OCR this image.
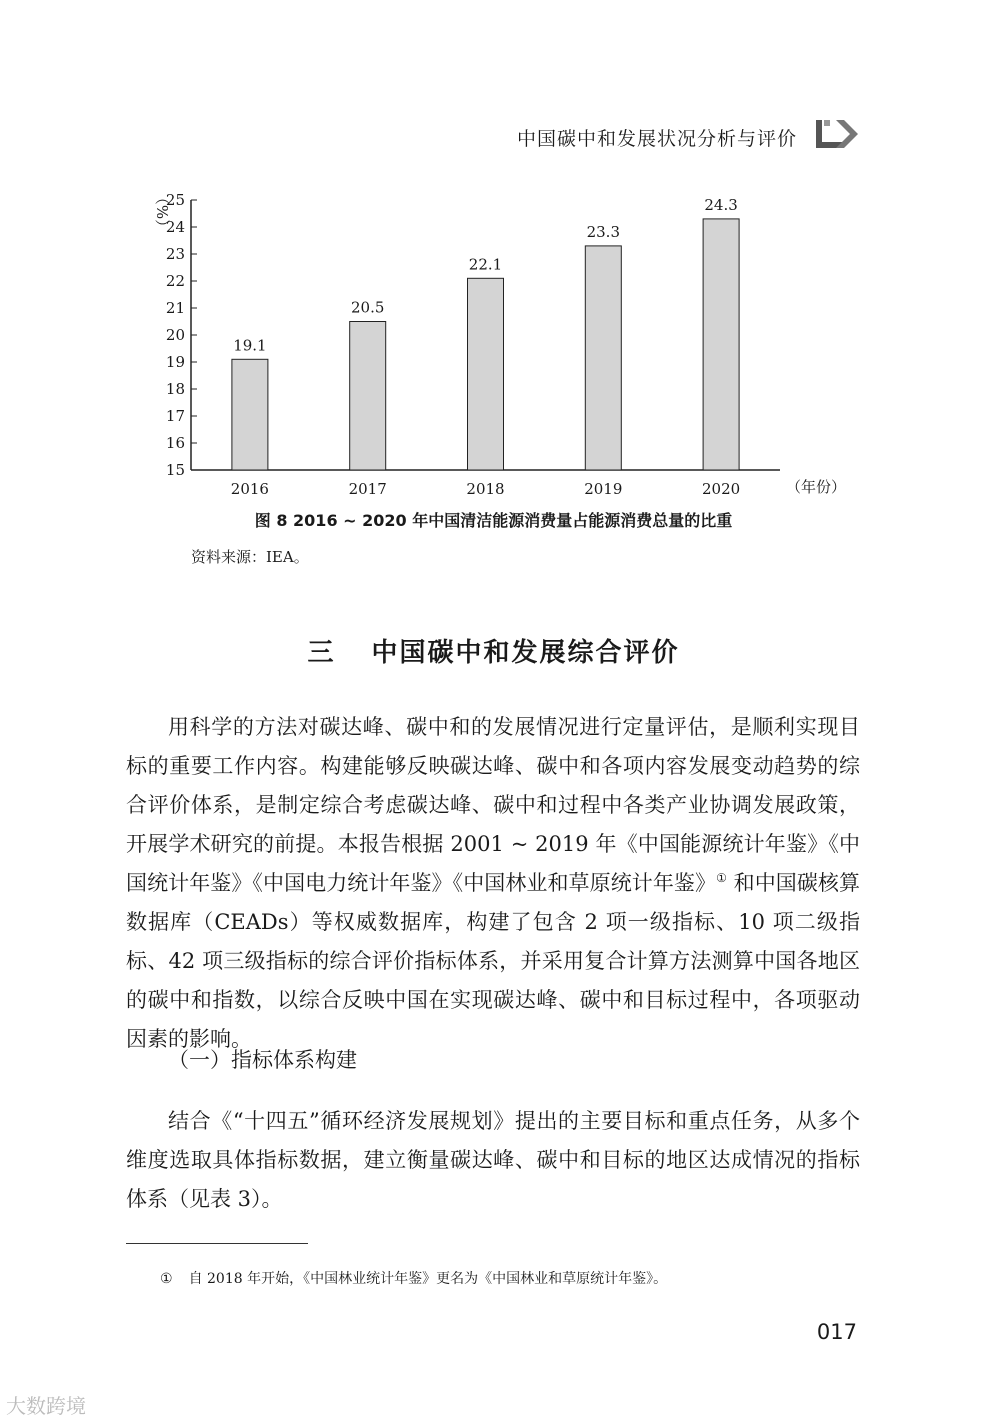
中国碳中和发展状况分析与评价
（%）
15
16
17
18
19
20
21
22
23
24
25
19.1
20.5
22.1
23.3
24.3
2016	2017	2018	2019	2020	（年份）
图 8 2016 ~ 2020 年中国清洁能源消费量占能源消费总量的比重
资料来源：IEA。
三 中国碳中和发展综合评价

用科学的方法对碳达峰、碳中和的发展情况进行定量评估，是顺利实现目标的重要工作内容。构建能够反映碳达峰、碳中和各项内容发展变动趋势的综合评价体系，是制定综合考虑碳达峰、碳中和过程中各类产业协调发展政策，开展学术研究的前提。本报告根据 2001 ~ 2019 年《中国能源统计年鉴》《中国统计年鉴》《中国电力统计年鉴》《中国林业和草原统计年鉴》① 和中国碳核算数据库（CEADs）等权威数据库，构建了包含 2 项一级指标、10 项二级指标、42 项三级指标的综合评价指标体系，并采用复合计算方法测算中国各地区的碳中和指数，以综合反映中国在实现碳达峰、碳中和目标过程中，各项驱动因素的影响。

（一）指标体系构建

结合《“十四五”循环经济发展规划》提出的主要目标和重点任务，从多个维度选取具体指标数据，建立衡量碳达峰、碳中和目标的地区达成情况的指标体系（见表 3）。

① 自 2018 年开始，《中国林业统计年鉴》更名为《中国林业和草原统计年鉴》。
017
大数跨境
